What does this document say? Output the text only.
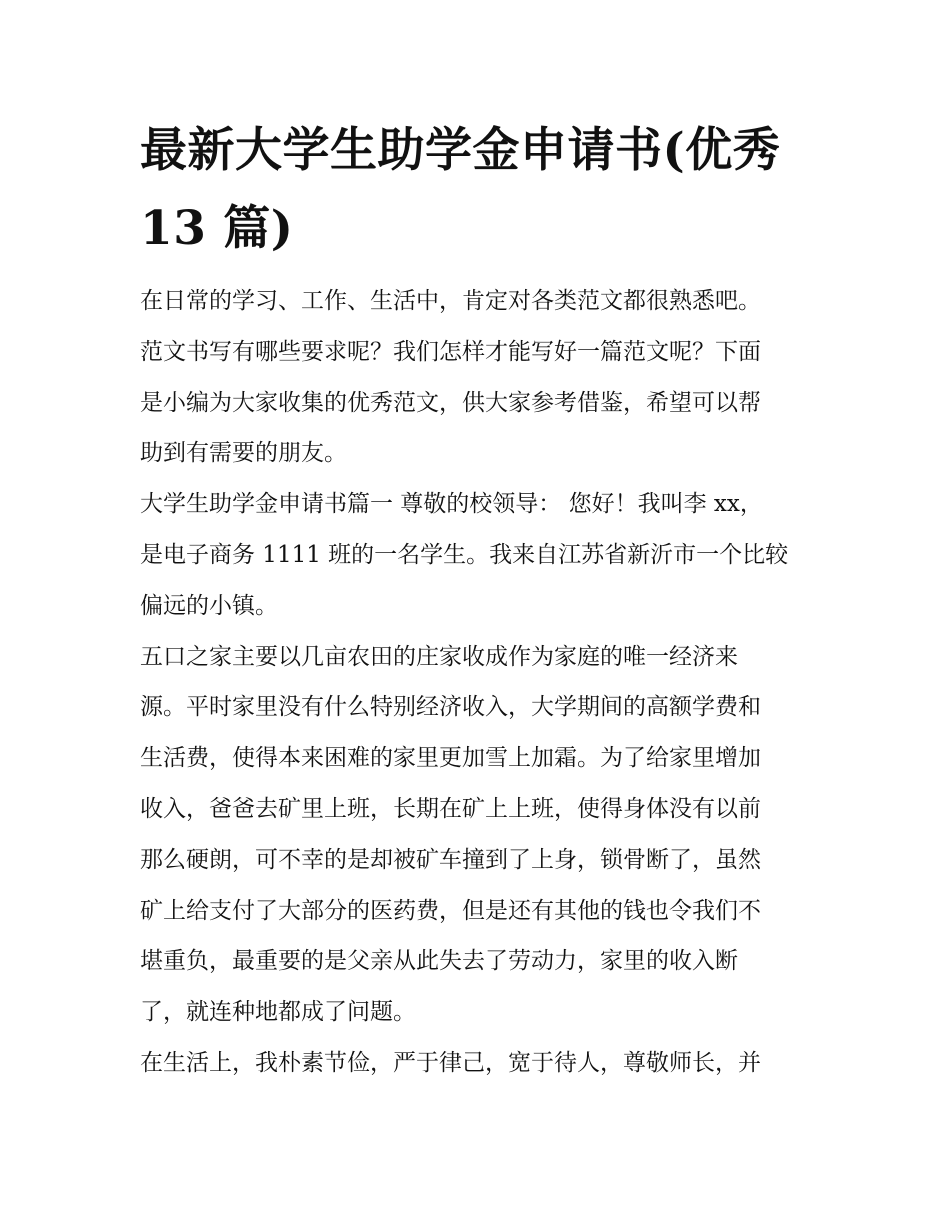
最新大学生助学金申请书(优秀
13 篇)

在日常的学习、工作、生活中，肯定对各类范文都很熟悉吧。
范文书写有哪些要求呢？我们怎样才能写好一篇范文呢？下面
是小编为大家收集的优秀范文，供大家参考借鉴，希望可以帮
助到有需要的朋友。

大学生助学金申请书篇一 尊敬的校领导： 您好！我叫李 xx，
是电子商务 1111 班的一名学生。我来自江苏省新沂市一个比较
偏远的小镇。

五口之家主要以几亩农田的庄家收成作为家庭的唯一经济来
源。平时家里没有什么特别经济收入，大学期间的高额学费和
生活费，使得本来困难的家里更加雪上加霜。为了给家里增加
收入，爸爸去矿里上班，长期在矿上上班，使得身体没有以前
那么硬朗，可不幸的是却被矿车撞到了上身，锁骨断了，虽然
矿上给支付了大部分的医药费，但是还有其他的钱也令我们不
堪重负，最重要的是父亲从此失去了劳动力，家里的收入断
了，就连种地都成了问题。

在生活上，我朴素节俭，严于律己，宽于待人，尊敬师长，并
